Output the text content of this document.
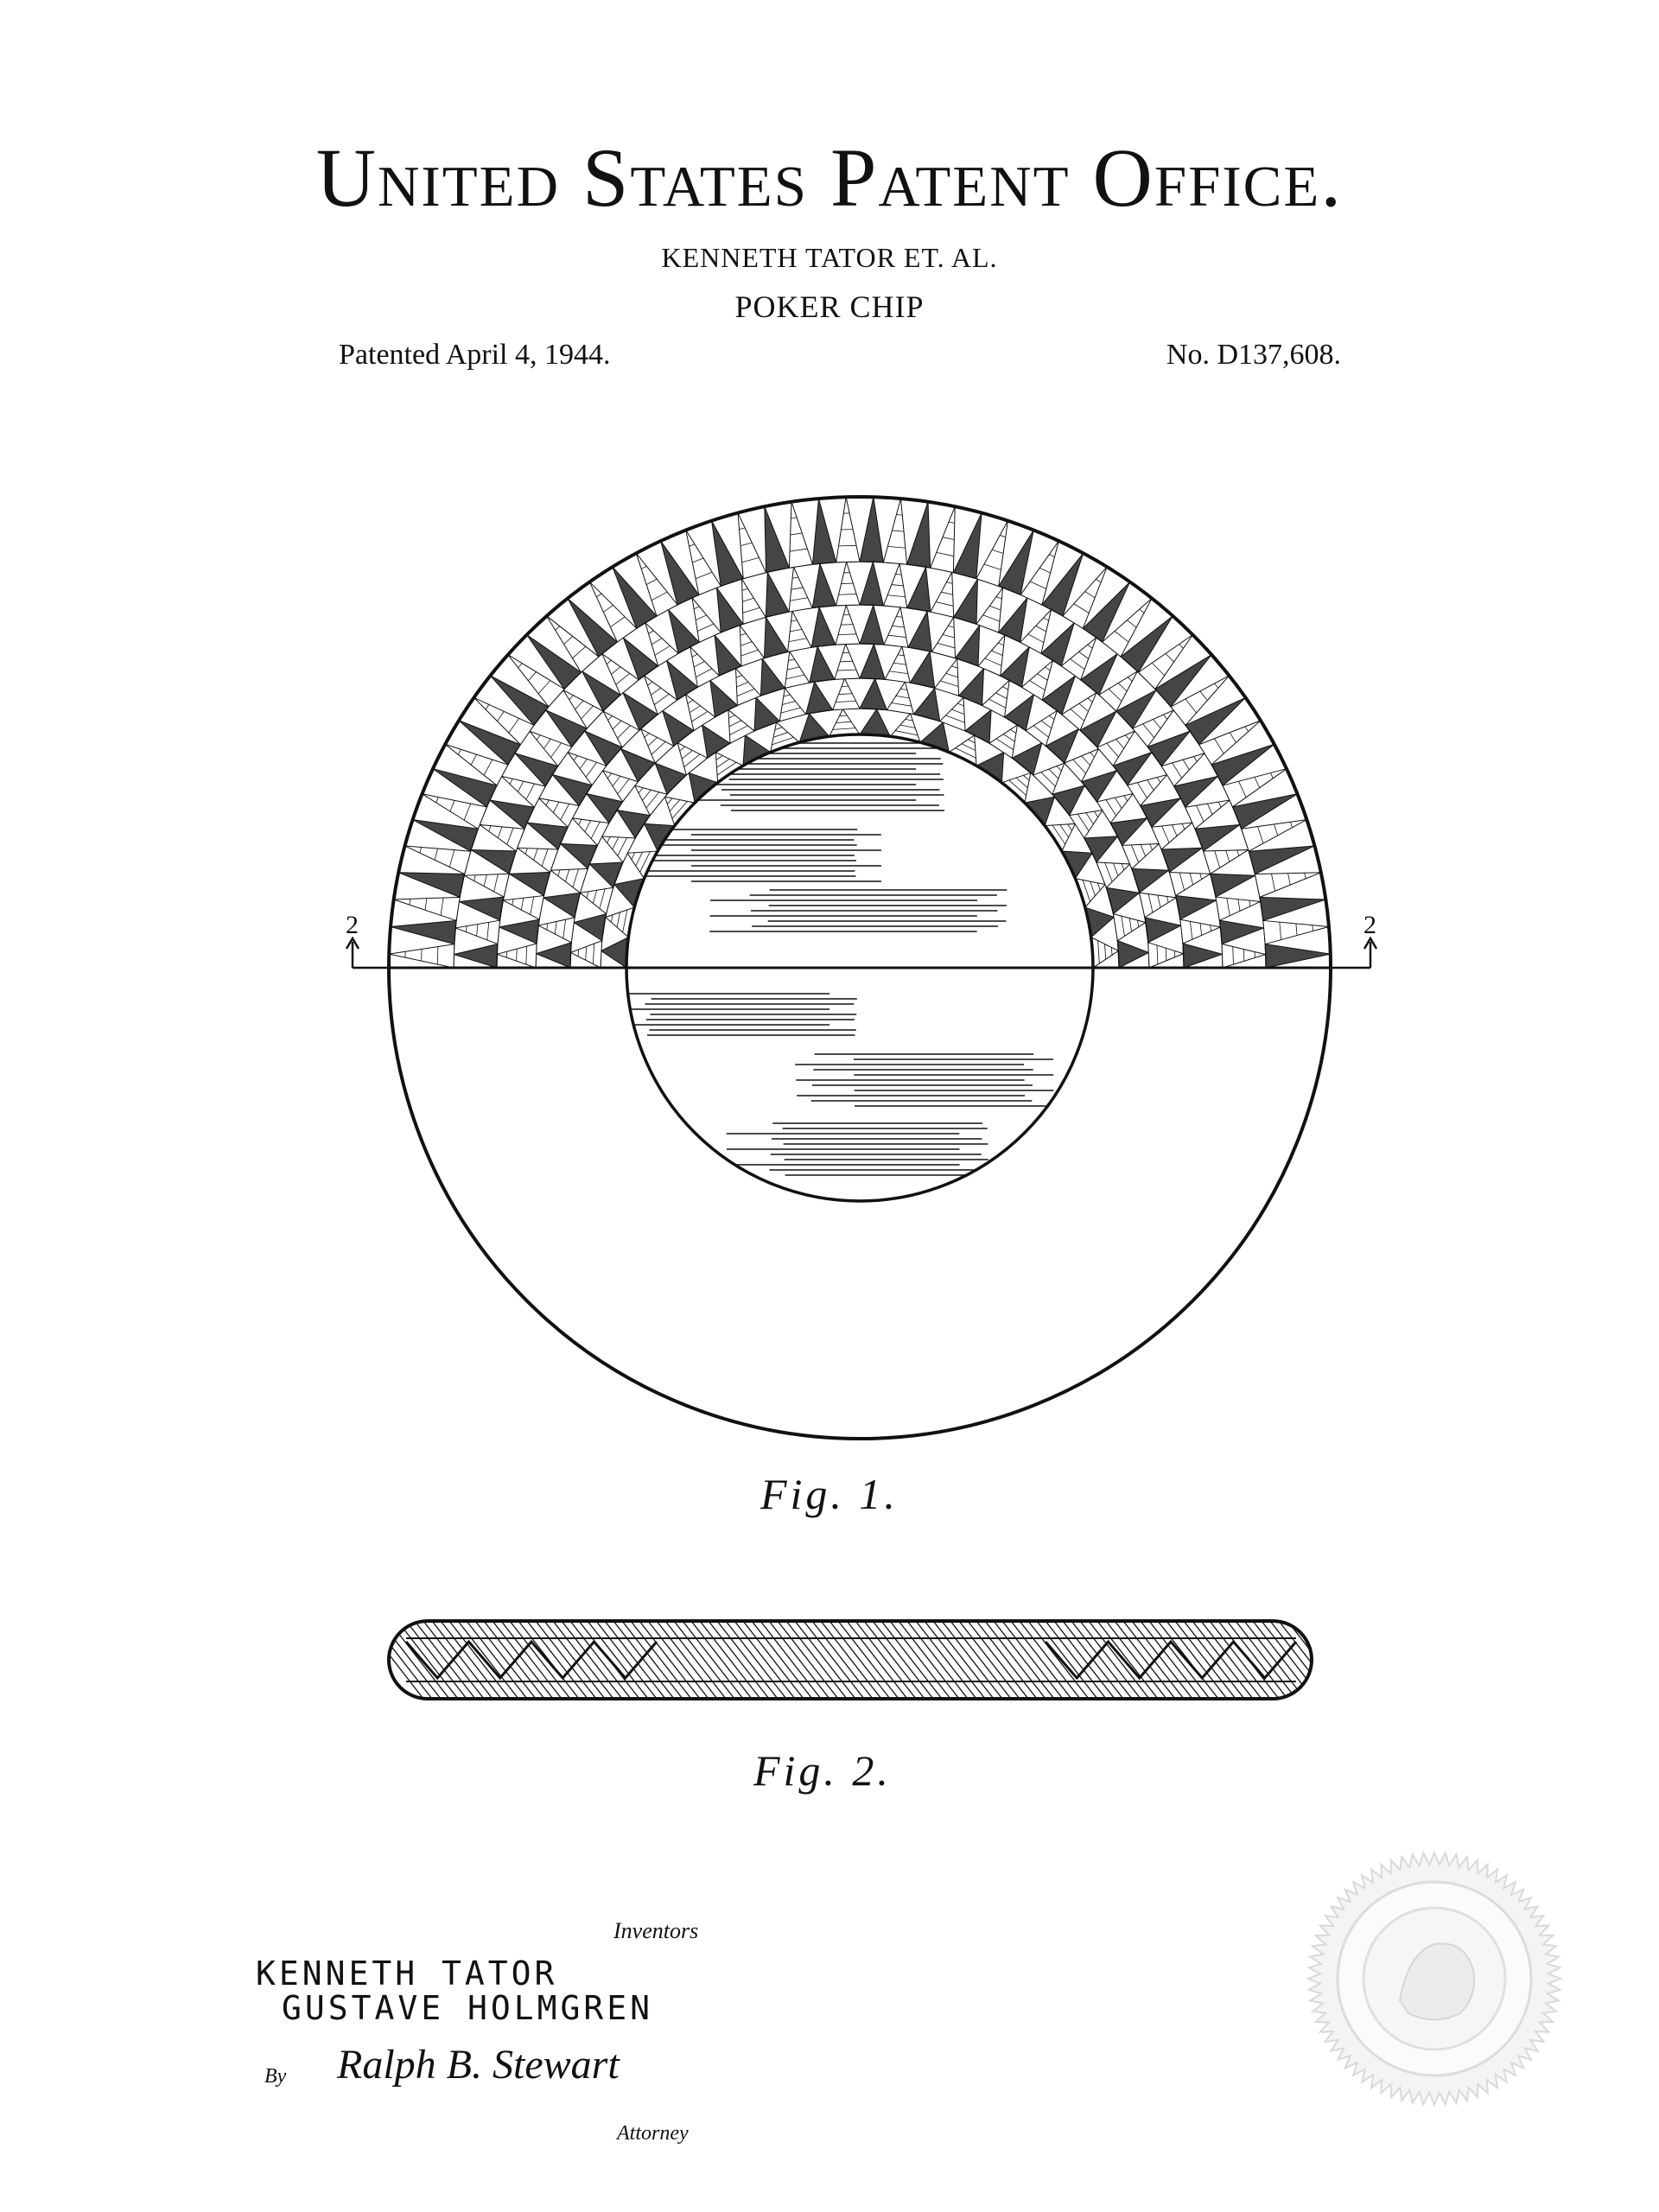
United States Patent Office.
KENNETH TATOR ET. AL.
POKER CHIP
Patented April 4, 1944.	No. D137,608.
2	2
Fig. 1.
Fig. 2.
Inventors
KENNETH TATOR
GUSTAVE HOLMGREN
By Ralph B. Stewart
Attorney
